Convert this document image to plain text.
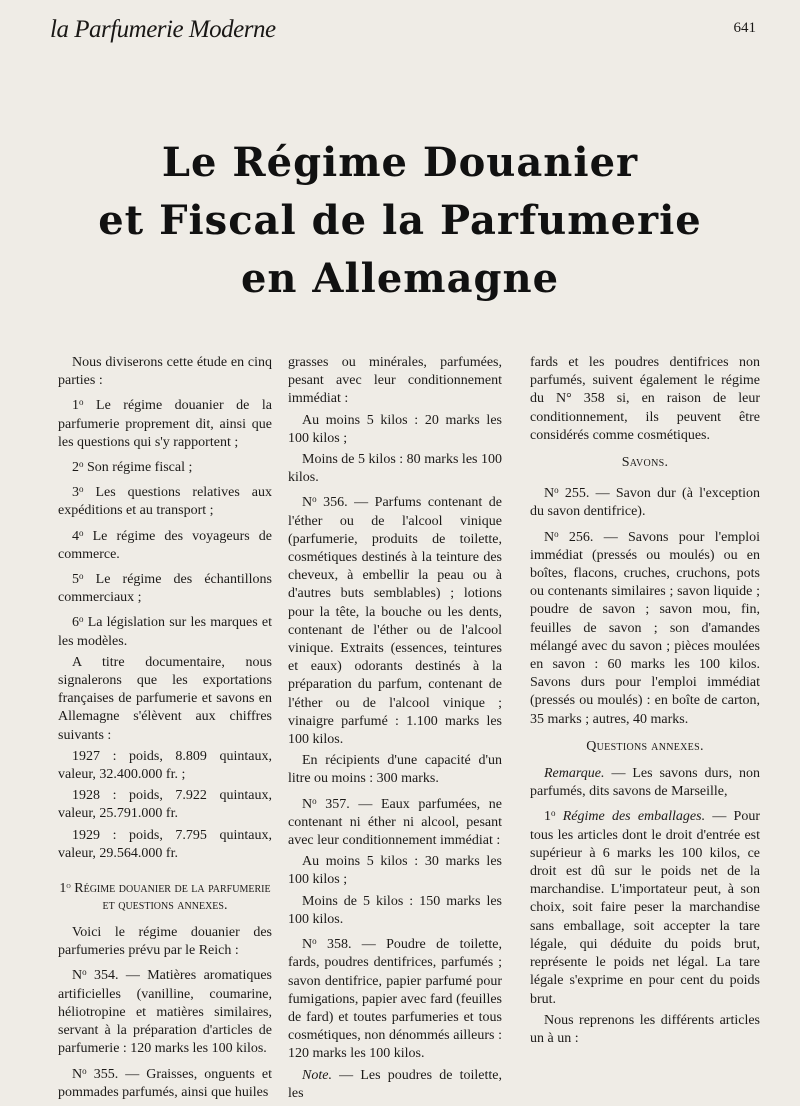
la Parfumerie Moderne	641
Le Régime Douanier
et Fiscal de la Parfumerie
en Allemagne

Nous diviserons cette étude en cinq parties :

1$^o$ Le régime douanier de la parfumerie proprement dit, ainsi que les questions qui s'y rapportent ;

2$^o$ Son régime fiscal ;

3$^o$ Les questions relatives aux expéditions et au transport ;

4$^o$ Le régime des voyageurs de commerce.

5$^o$ Le régime des échantillons commerciaux ;

6$^o$ La législation sur les marques et les modèles.

A titre documentaire, nous signalerons que les exportations françaises de parfumerie et savons en Allemagne s'élèvent aux chiffres suivants :

1927 : poids, 8.809 quintaux, valeur, 32.400.000 fr. ;

1928 : poids, 7.922 quintaux, valeur, 25.791.000 fr.

1929 : poids, 7.795 quintaux, valeur, 29.564.000 fr.

1$^o$ Régime douanier de la parfumerie et questions annexes.

Voici le régime douanier des parfumeries prévu par le Reich :

$N^o$ 354. — Matières aromatiques artificielles (vanilline, coumarine, héliotropine et matières similaires, servant à la préparation d'articles de parfumerie : 120 marks les 100 kilos.

$N^o$ 355. — Graisses, onguents et pommades parfumés, ainsi que huiles

grasses ou minérales, parfumées, pesant avec leur conditionnement immédiat :

Au moins 5 kilos : 20 marks les 100 kilos ;

Moins de 5 kilos : 80 marks les 100 kilos.

$N^o$ 356. — Parfums contenant de l'éther ou de l'alcool vinique (parfumerie, produits de toilette, cosmétiques destinés à la teinture des cheveux, à embellir la peau ou à d'autres buts semblables) ; lotions pour la tête, la bouche ou les dents, contenant de l'éther ou de l'alcool vinique. Extraits (essences, teintures et eaux) odorants destinés à la préparation du parfum, contenant de l'éther ou de l'alcool vinique ; vinaigre parfumé : 1.100 marks les 100 kilos.

En récipients d'une capacité d'un litre ou moins : 300 marks.

$N^o$ 357. — Eaux parfumées, ne contenant ni éther ni alcool, pesant avec leur conditionnement immédiat :

Au moins 5 kilos : 30 marks les 100 kilos ;

Moins de 5 kilos : 150 marks les 100 kilos.

$N^o$ 358. — Poudre de toilette, fards, poudres dentifrices, parfumés ; savon dentifrice, papier parfumé pour fumigations, papier avec fard (feuilles de fard) et toutes parfumeries et tous cosmétiques, non dénommés ailleurs : 120 marks les 100 kilos.

Note. — Les poudres de toilette, les

fards et les poudres dentifrices non parfumés, suivent également le régime du N° 358 si, en raison de leur conditionnement, ils peuvent être considérés comme cosmétiques.

Savons.

$N^o$ 255. — Savon dur (à l'exception du savon dentifrice).

$N^o$ 256. — Savons pour l'emploi immédiat (pressés ou moulés) ou en boîtes, flacons, cruches, cruchons, pots ou contenants similaires ; savon liquide ; poudre de savon ; savon mou, fin, feuilles de savon ; son d'amandes mélangé avec du savon ; pièces moulées en savon : 60 marks les 100 kilos. Savons durs pour l'emploi immédiat (pressés ou moulés) : en boîte de carton, 35 marks ; autres, 40 marks.

Questions annexes.

Remarque. — Les savons durs, non parfumés, dits savons de Marseille,

1$^o$ Régime des emballages. — Pour tous les articles dont le droit d'entrée est supérieur à 6 marks les 100 kilos, ce droit est dû sur le poids net de la marchandise. L'importateur peut, à son choix, soit faire peser la marchandise sans emballage, soit accepter la tare légale, qui déduite du poids brut, représente le poids net légal. La tare légale s'exprime en pour cent du poids brut.

Nous reprenons les différents articles un à un :
